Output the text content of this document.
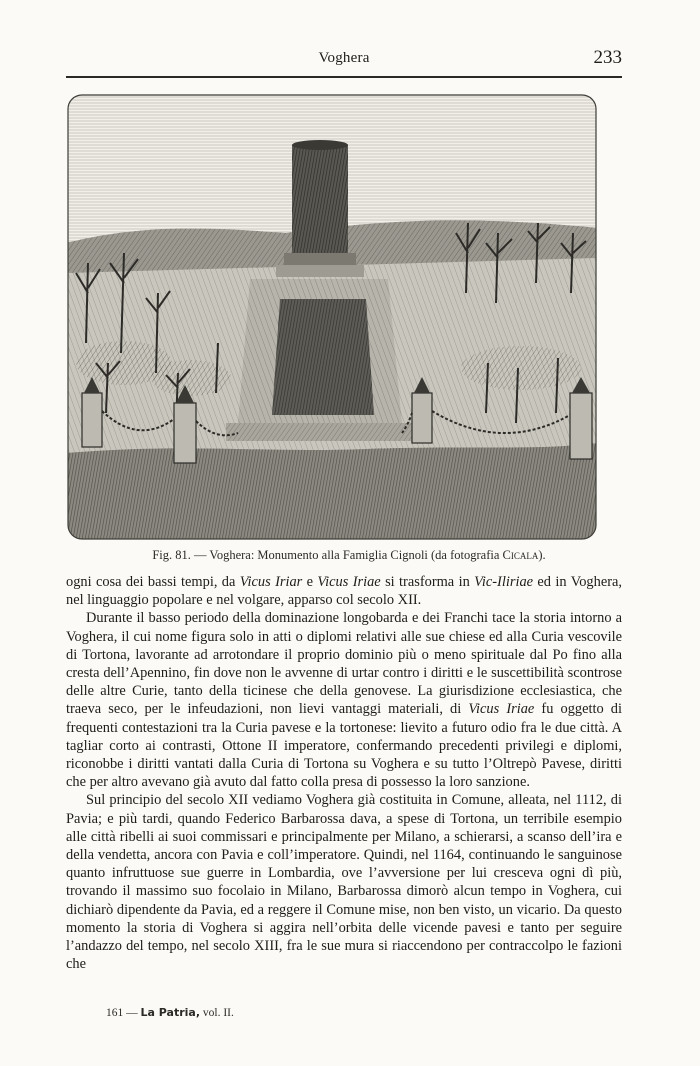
Voghera	233
Fig. 81. — Voghera: Monumento alla Famiglia Cignoli (da fotografia Cicala).

ogni cosa dei bassi tempi, da Vicus Iriar e Vicus Iriae si trasforma in Vic-Iliriae ed in Voghera, nel linguaggio popolare e nel volgare, apparso col secolo XII.

Durante il basso periodo della dominazione longobarda e dei Franchi tace la storia intorno a Voghera, il cui nome figura solo in atti o diplomi relativi alle sue chiese ed alla Curia vescovile di Tortona, lavorante ad arrotondare il proprio dominio più o meno spirituale dal Po fino alla cresta dell’Apennino, fin dove non le avvenne di urtar contro i diritti e le suscettibilità scontrose delle altre Curie, tanto della ticinese che della genovese. La giurisdizione ecclesiastica, che traeva seco, per le infeudazioni, non lievi vantaggi materiali, di Vicus Iriae fu oggetto di frequenti contestazioni tra la Curia pavese e la tortonese: lievito a futuro odio fra le due città. A tagliar corto ai contrasti, Ottone II imperatore, confermando precedenti privilegi e diplomi, riconobbe i diritti vantati dalla Curia di Tortona su Voghera e su tutto l’Oltrepò Pavese, diritti che per altro avevano già avuto dal fatto colla presa di possesso la loro sanzione.

Sul principio del secolo XII vediamo Voghera già costituita in Comune, alleata, nel 1112, di Pavia; e più tardi, quando Federico Barbarossa dava, a spese di Tortona, un terribile esempio alle città ribelli ai suoi commissari e principalmente per Milano, a schierarsi, a scanso dell’ira e della vendetta, ancora con Pavia e coll’imperatore. Quindi, nel 1164, continuando le sanguinose quanto infruttuose sue guerre in Lombardia, ove l’avversione per lui cresceva ogni dì più, trovando il massimo suo focolaio in Milano, Barbarossa dimorò alcun tempo in Voghera, cui dichiarò dipendente da Pavia, ed a reggere il Comune mise, non ben visto, un vicario. Da questo momento la storia di Voghera si aggira nell’orbita delle vicende pavesi e tanto per seguire l’andazzo del tempo, nel secolo XIII, fra le sue mura si riaccendono per contraccolpo le fazioni che

161 — La Patria, vol. II.
